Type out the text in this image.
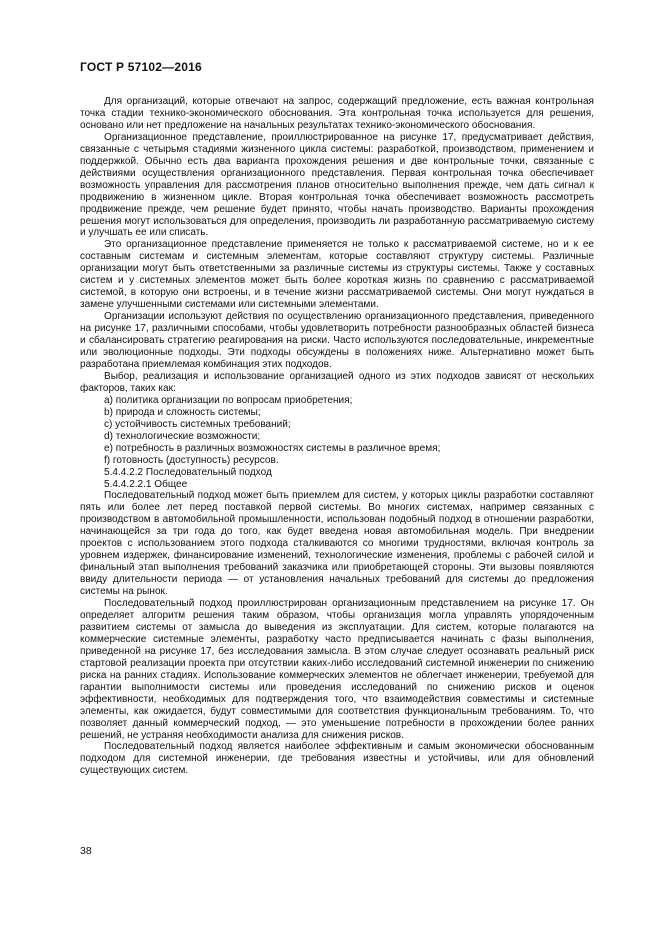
ГОСТ Р 57102—2016

Для организаций, которые отвечают на запрос, содержащий предложение, есть важная контрольная точка стадии технико-экономического обоснования. Эта контрольная точка используется для решения, основано или нет предложение на начальных результатах технико-экономического обоснования.

Организационное представление, проиллюстрированное на рисунке 17, предусматривает действия, связанные с четырьмя стадиями жизненного цикла системы: разработкой, производством, применением и поддержкой. Обычно есть два варианта прохождения решения и две контрольные точки, связанные с действиями осуществления организационного представления. Первая контрольная точка обеспечивает возможность управления для рассмотрения планов относительно выполнения прежде, чем дать сигнал к продвижению в жизненном цикле. Вторая контрольная точка обеспечивает возможность рассмотреть продвижение прежде, чем решение будет принято, чтобы начать производство. Варианты прохождения решения могут использоваться для определения, производить ли разработанную рассматриваемую систему и улучшать ее или списать.

Это организационное представление применяется не только к рассматриваемой системе, но и к ее составным системам и системным элементам, которые составляют структуру системы. Различные организации могут быть ответственными за различные системы из структуры системы. Также у составных систем и у системных элементов может быть более короткая жизнь по сравнению с рассматриваемой системой, в которую они встроены, и в течение жизни рассматриваемой системы. Они могут нуждаться в замене улучшенными системами или системными элементами.

Организации используют действия по осуществлению организационного представления, приведенного на рисунке 17, различными способами, чтобы удовлетворить потребности разнообразных областей бизнеса и сбалансировать стратегию реагирования на риски. Часто используются последовательные, инкрементные или эволюционные подходы. Эти подходы обсуждены в положениях ниже. Альтернативно может быть разработана приемлемая комбинация этих подходов.

Выбор, реализация и использование организацией одного из этих подходов зависят от нескольких факторов, таких как:

a) политика организации по вопросам приобретения;

b) природа и сложность системы;

c) устойчивость системных требований;

d) технологические возможности;

e) потребность в различных возможностях системы в различное время;

f) готовность (доступность) ресурсов.

5.4.4.2.2 Последовательный подход

5.4.4.2.2.1 Общее

Последовательный подход может быть приемлем для систем, у которых циклы разработки составляют пять или более лет перед поставкой первой системы. Во многих системах, например связанных с производством в автомобильной промышленности, использован подобный подход в отношении разработки, начинающейся за три года до того, как будет введена новая автомобильная модель. При внедрении проектов с использованием этого подхода сталкиваются со многими трудностями, включая контроль за уровнем издержек, финансирование изменений, технологические изменения, проблемы с рабочей силой и финальный этап выполнения требований заказчика или приобретающей стороны. Эти вызовы появляются ввиду длительности периода — от установления начальных требований для системы до предложения системы на рынок.

Последовательный подход проиллюстрирован организационным представлением на рисунке 17. Он определяет алгоритм решения таким образом, чтобы организация могла управлять упорядоченным развитием системы от замысла до выведения из эксплуатации. Для систем, которые полагаются на коммерческие системные элементы, разработку часто предписывается начинать с фазы выполнения, приведенной на рисунке 17, без исследования замысла. В этом случае следует осознавать реальный риск стартовой реализации проекта при отсутствии каких-либо исследований системной инженерии по снижению риска на ранних стадиях. Использование коммерческих элементов не облегчает инженерии, требуемой для гарантии выполнимости системы или проведения исследований по снижению рисков и оценок эффективности, необходимых для подтверждения того, что взаимодействия совместимы и системные элементы, как ожидается, будут совместимыми для соответствия функциональным требованиям. То, что позволяет данный коммерческий подход, — это уменьшение потребности в прохождении более ранних решений, не устраняя необходимости анализа для снижения рисков.

Последовательный подход является наиболее эффективным и самым экономически обоснованным подходом для системной инженерии, где требования известны и устойчивы, или для обновлений существующих систем.

38
